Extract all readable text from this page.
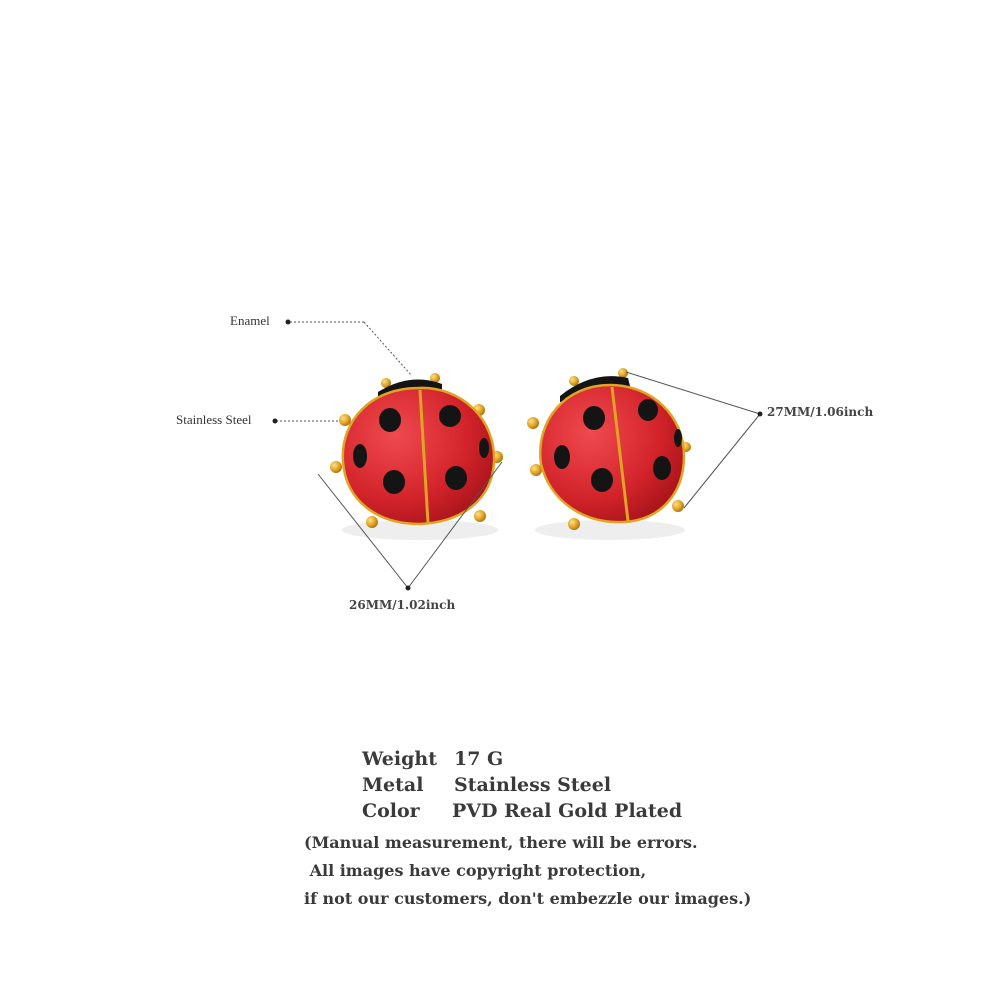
Enamel
Stainless Steel
26MM/1.02inch
27MM/1.06inch
Weight 17 G
Metal Stainless Steel
Color PVD Real Gold Plated
(Manual measurement, there will be errors.
All images have copyright protection,
if not our customers, don't embezzle our images.)
